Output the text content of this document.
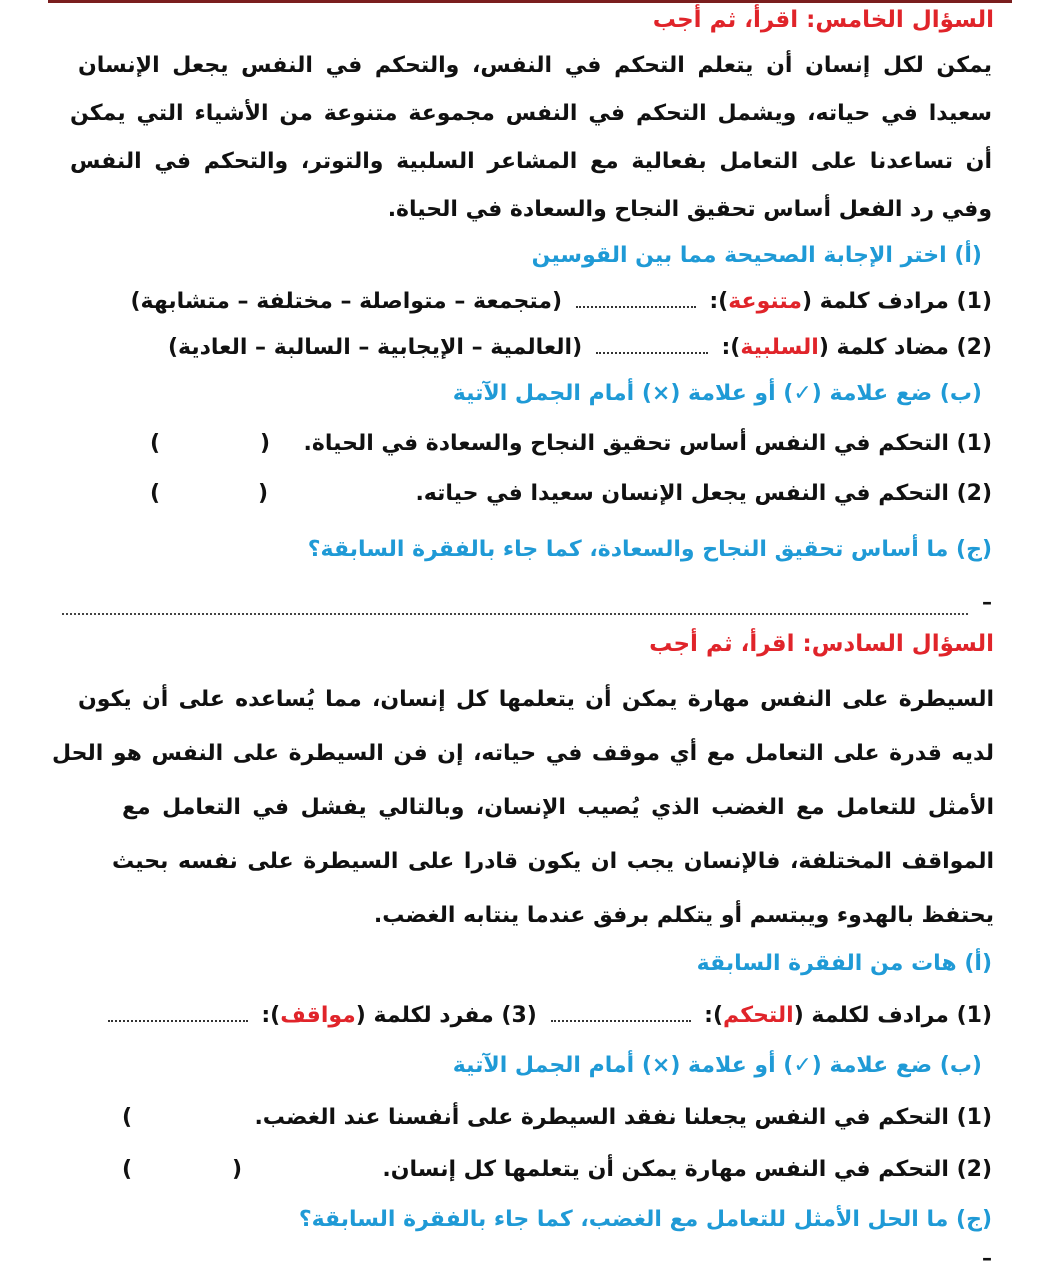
السؤال الخامس: اقرأ، ثم أجب
يمكن لكل إنسان أن يتعلم التحكم في النفس، والتحكم في النفس يجعل الإنسان
سعيدا في حياته، ويشمل التحكم في النفس مجموعة متنوعة من الأشياء التي يمكن
أن تساعدنا على التعامل بفعالية مع المشاعر السلبية والتوتر، والتحكم في النفس
وفي رد الفعل أساس تحقيق النجاح والسعادة في الحياة.
(أ) اختر الإجابة الصحيحة مما بين القوسين
(1) مرادف كلمة (متنوعة):  (متجمعة – متواصلة – مختلفة – متشابهة)
(2) مضاد كلمة (السلبية):  (العالمية – الإيجابية – السالبة – العادية)
(ب) ضع علامة (✓) أو علامة (×) أمام الجمل الآتية
(1) التحكم في النفس أساس تحقيق النجاح والسعادة في الحياة.
)	(
(2) التحكم في النفس يجعل الإنسان سعيدا في حياته.
)	(
(ج) ما أساس تحقيق النجاح والسعادة، كما جاء بالفقرة السابقة؟
–
السؤال السادس: اقرأ، ثم أجب
السيطرة على النفس مهارة يمكن أن يتعلمها كل إنسان، مما يُساعده على أن يكون
لديه قدرة على التعامل مع أي موقف في حياته، إن فن السيطرة على النفس هو الحل
الأمثل للتعامل مع الغضب الذي يُصيب الإنسان، وبالتالي يفشل في التعامل مع
المواقف المختلفة، فالإنسان يجب ان يكون قادرا على السيطرة على نفسه بحيث
يحتفظ بالهدوء ويبتسم أو يتكلم برفق عندما ينتابه الغضب.
(أ) هات من الفقرة السابقة
(1) مرادف لكلمة (التحكم):  (3) مفرد لكلمة (مواقف):
(ب) ضع علامة (✓) أو علامة (×) أمام الجمل الآتية
(1) التحكم في النفس يجعلنا نفقد السيطرة على أنفسنا عند الغضب.
)
(2) التحكم في النفس مهارة يمكن أن يتعلمها كل إنسان.
)	(
(ج) ما الحل الأمثل للتعامل مع الغضب، كما جاء بالفقرة السابقة؟
–
